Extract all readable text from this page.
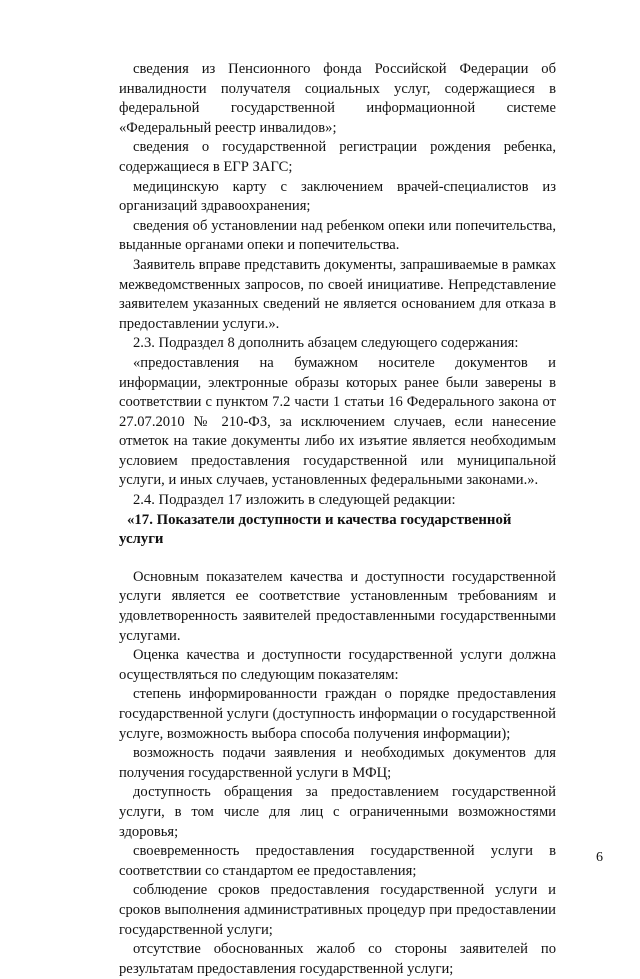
сведения из Пенсионного фонда Российской Федерации об инвалидности получателя социальных услуг, содержащиеся в федеральной государственной информационной системе «Федеральный реестр инвалидов»;

сведения о государственной регистрации рождения ребенка, содержащиеся в ЕГР ЗАГС;

медицинскую карту с заключением врачей-специалистов из организаций здравоохранения;

сведения об установлении над ребенком опеки или попечительства, выданные органами опеки и попечительства.

Заявитель вправе представить документы, запрашиваемые в рамках межведомственных запросов, по своей инициативе. Непредставление заявителем указанных сведений не является основанием для отказа в предоставлении услуги.».

2.3. Подраздел 8 дополнить абзацем следующего содержания:

«предоставления на бумажном носителе документов и информации, электронные образы которых ранее были заверены в соответствии с пунктом 7.2 части 1 статьи 16 Федерального закона от 27.07.2010 № 210-ФЗ, за исключением случаев, если нанесение отметок на такие документы либо их изъятие является необходимым условием предоставления государственной или муниципальной услуги, и иных случаев, установленных федеральными законами.».

2.4. Подраздел 17 изложить в следующей редакции:

«17. Показатели доступности и качества государственной услуги

Основным показателем качества и доступности государственной услуги является ее соответствие установленным требованиям и удовлетворенность заявителей предоставленными государственными услугами.

Оценка качества и доступности государственной услуги должна осуществляться по следующим показателям:

степень информированности граждан о порядке предоставления государственной услуги (доступность информации о государственной услуге, возможность выбора способа получения информации);

возможность подачи заявления и необходимых документов для получения государственной услуги в МФЦ;

доступность обращения за предоставлением государственной услуги, в том числе для лиц с ограниченными возможностями здоровья;

своевременность предоставления государственной услуги в соответствии со стандартом ее предоставления;

соблюдение сроков предоставления государственной услуги и сроков выполнения административных процедур при предоставлении государственной услуги;

отсутствие обоснованных жалоб со стороны заявителей по результатам предоставления государственной услуги;

6
